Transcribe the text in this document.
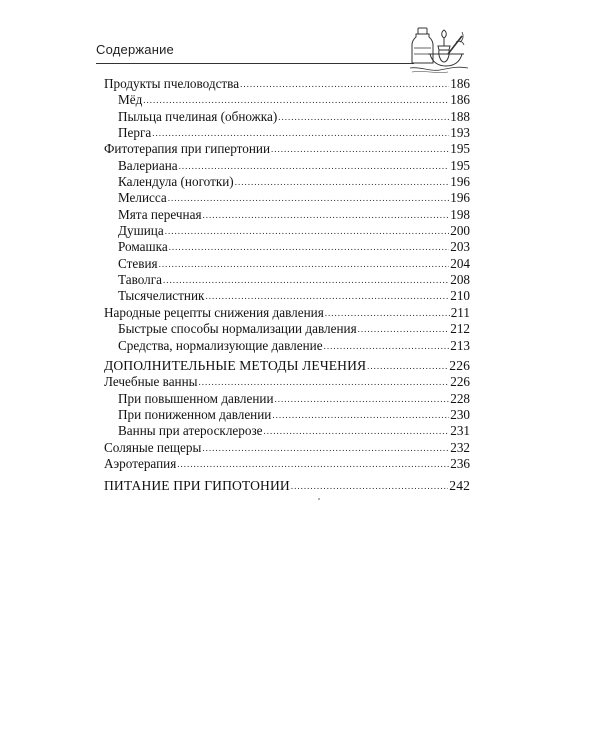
Содержание
Продукты пчеловодства .....	186
Мёд .....	186
Пыльца пчелиная (обножка) .....	188
Перга .....	193
Фитотерапия при гипертонии .....	195
Валериана .....	195
Календула (ноготки) .....	196
Мелисса .....	196
Мята перечная .....	198
Душица .....	200
Ромашка .....	203
Стевия .....	204
Таволга .....	208
Тысячелистник .....	210
Народные рецепты снижения давления .....	211
Быстрые способы нормализации давления .....	212
Средства, нормализующие давление .....	213
ДОПОЛНИТЕЛЬНЫЕ МЕТОДЫ ЛЕЧЕНИЯ .....	226
Лечебные ванны .....	226
При повышенном давлении .....	228
При пониженном давлении .....	230
Ванны при атеросклерозе .....	231
Соляные пещеры .....	232
Аэротерапия .....	236
ПИТАНИЕ ПРИ ГИПОТОНИИ .....	242
